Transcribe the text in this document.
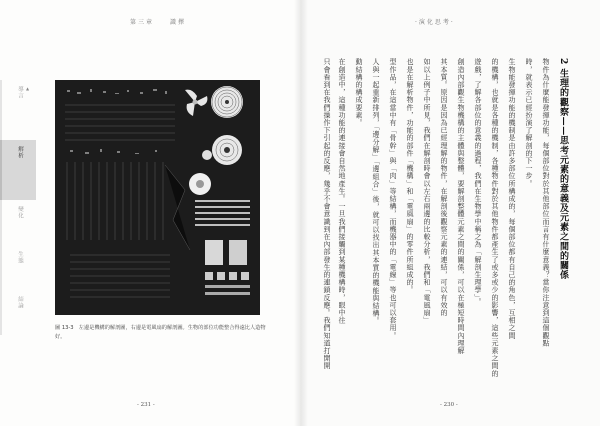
第三章	識擇	·演化思考·
導言 ▲
解析
變化
生態
結論
圖 13-3　左邊是機構的解剖圖，右邊是電風扇的解剖圖。生物的部位功能整合得遠比人造物好。
- 231 -
2 生理的觀察——思考元素的意義及元素之間的關係
物件為什麼能發揮功能，每個部位對於其他部位而言有什麼意義？當你注意到這個觀點
時，就表示已經扮演了解剖的下一步。
生物能發揮功能的機制是由許多部位所構成的，每個部位都有自己的角色，互相之間
的機構，也就是各種的機制，各種物件對於其他物件都產生了或多或少的影響，這些元素之間的
遊戲，了解各部位的意義的過程，我們在生物學中稱之為「解剖生理學」。
創造內部觀生物機構的主體與整體，要解剖整體元素之間的關係，可以在極短時間內理解
其本質。原因是因為已經理解的物件，在解剖後觀察元素的連結，可以有效的
如以上例子中所見，我們在解剖時會以左右兩邊的比較分析，我們和「電風扇」
也是在解析物件，功能的部件「機構」和「電風扇」的零件所組成的。
型作品，在這當中有「骨幹」與「肉」等結構，而機器中的「電線」等也可以套用。
人與一起重新排列，「邊分解」「邊組合」後，就可以找出其本質的機能與結構。
動結構的構成要素。
在創造中，這種功能的連接會自然地產生。一旦我們接觸到某種機構時，眼中往
只會看到在我們操作下引起的反應，幾乎不會意識到在內部發生的連鎖反應。我們知道打開開
- 230 -
